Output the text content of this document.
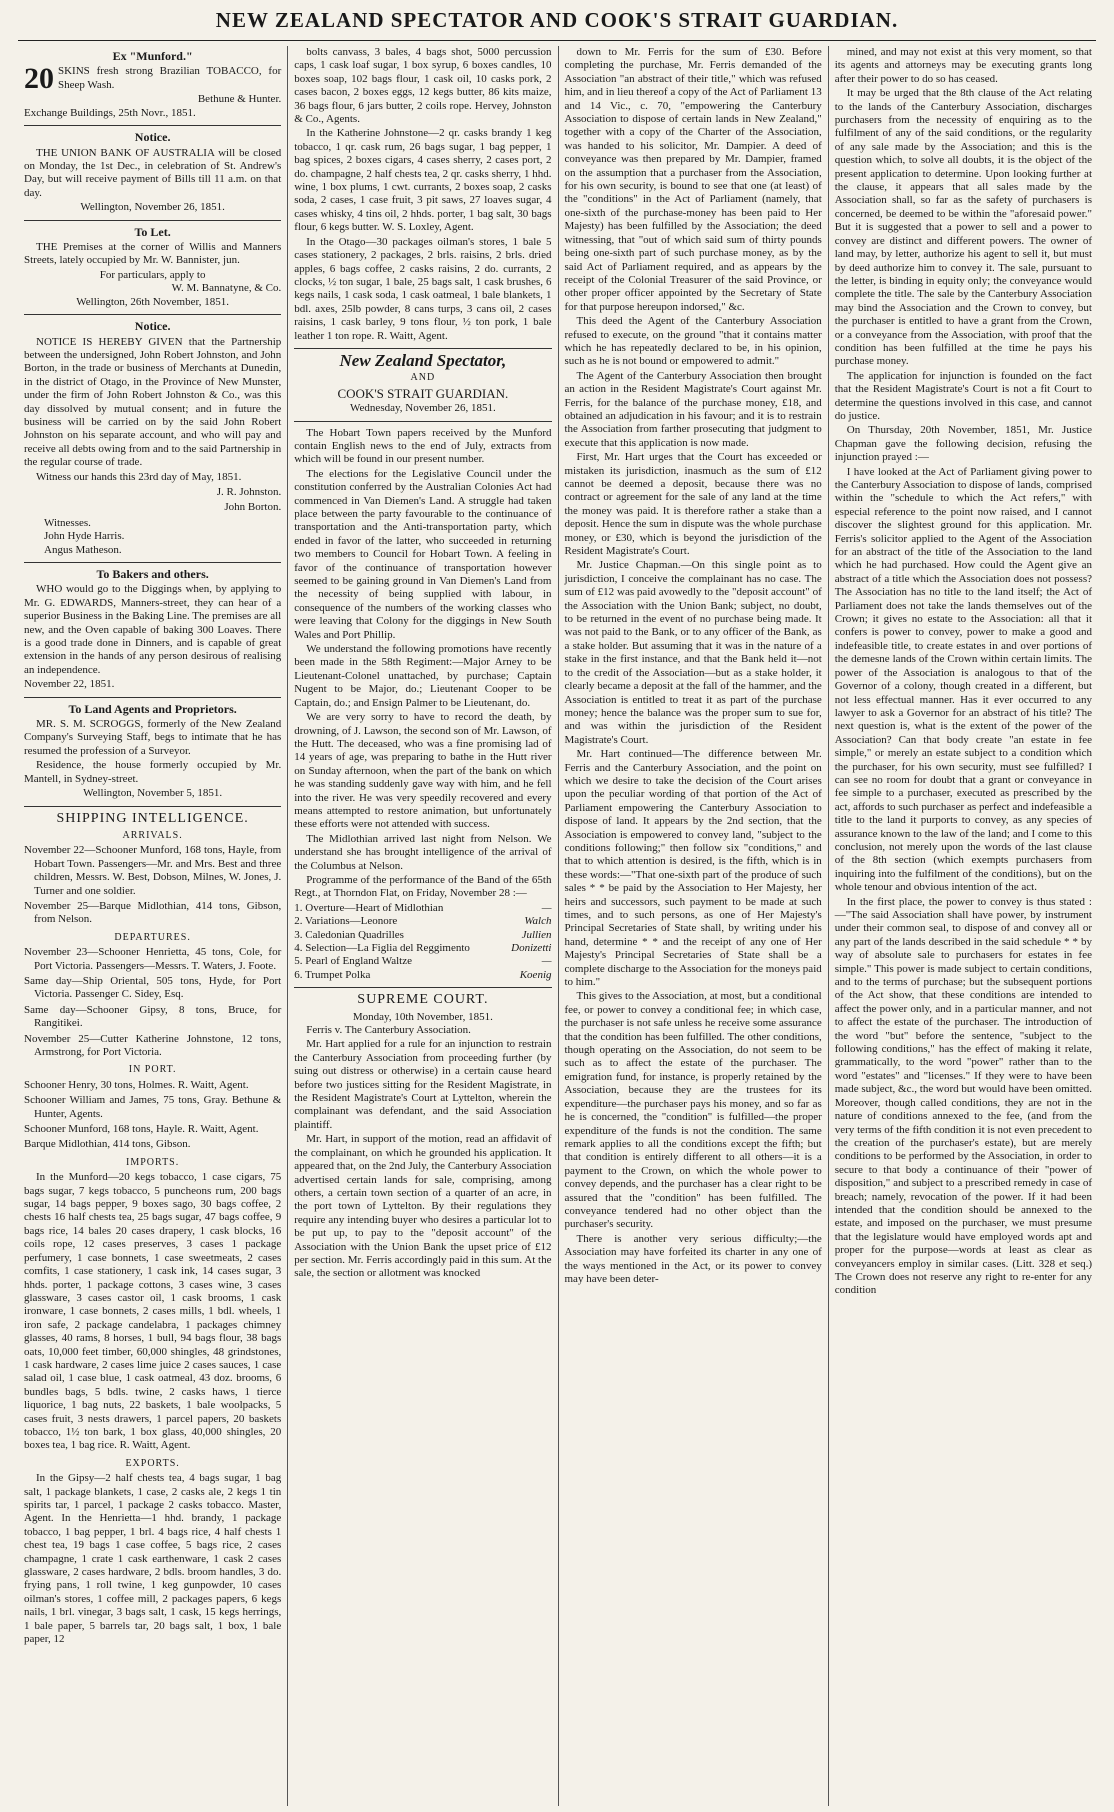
NEW ZEALAND SPECTATOR AND COOK'S STRAIT GUARDIAN.
Ex "Munford."
20 SKINS fresh strong Brazilian TOBACCO, for Sheep Wash.
Bethune & Hunter.
Exchange Buildings, 25th Novr., 1851.
Notice.

THE UNION BANK OF AUSTRALIA will be closed on Monday, the 1st Dec., in celebration of St. Andrew's Day, but will receive payment of Bills till 11 a.m. on that day.

Wellington, November 26, 1851.
To Let.

THE Premises at the corner of Willis and Manners Streets, lately occupied by Mr. W. Bannister, jun.

For particulars, apply to
W. M. Bannatyne, & Co.
Wellington, 26th November, 1851.
Notice.

NOTICE IS HEREBY GIVEN that the Partnership between the undersigned, John Robert Johnston, and John Borton, in the trade or business of Merchants at Dunedin, in the district of Otago, in the Province of New Munster, under the firm of John Robert Johnston & Co., was this day dissolved by mutual consent; and in future the business will be carried on by the said John Robert Johnston on his separate account, and who will pay and receive all debts owing from and to the said Partnership in the regular course of trade.

Witness our hands this 23rd day of May, 1851.

J. R. Johnston.
John Borton.
Witnesses.
John Hyde Harris.
Angus Matheson.
To Bakers and others.

WHO would go to the Diggings when, by applying to Mr. G. EDWARDS, Manners-street, they can hear of a superior Business in the Baking Line. The premises are all new, and the Oven capable of baking 300 Loaves. There is a good trade done in Dinners, and is capable of great extension in the hands of any person desirous of realising an independence.

November 22, 1851.
To Land Agents and Proprietors.

MR. S. M. SCROGGS, formerly of the New Zealand Company's Surveying Staff, begs to intimate that he has resumed the profession of a Surveyor.

Residence, the house formerly occupied by Mr. Mantell, in Sydney-street.

Wellington, November 5, 1851.
SHIPPING INTELLIGENCE.
ARRIVALS.
November 22—Schooner Munford, 168 tons, Hayle, from Hobart Town. Passengers—Mr. and Mrs. Best and three children, Messrs. W. Best, Dobson, Milnes, W. Jones, J. Turner and one soldier.
November 25—Barque Midlothian, 414 tons, Gibson, from Nelson.
DEPARTURES.
November 23—Schooner Henrietta, 45 tons, Cole, for Port Victoria. Passengers—Messrs. T. Waters, J. Foote.
Same day—Ship Oriental, 505 tons, Hyde, for Port Victoria. Passenger C. Sidey, Esq.
Same day—Schooner Gipsy, 8 tons, Bruce, for Rangitikei.
November 25—Cutter Katherine Johnstone, 12 tons, Armstrong, for Port Victoria.
IN PORT.
Schooner Henry, 30 tons, Holmes. R. Waitt, Agent.
Schooner William and James, 75 tons, Gray. Bethune & Hunter, Agents.
Schooner Munford, 168 tons, Hayle. R. Waitt, Agent.
Barque Midlothian, 414 tons, Gibson.
IMPORTS.

In the Munford—20 kegs tobacco, 1 case cigars, 75 bags sugar, 7 kegs tobacco, 5 puncheons rum, 200 bags sugar, 14 bags pepper, 9 boxes sago, 30 bags coffee, 2 chests 16 half chests tea, 25 bags sugar, 47 bags coffee, 9 bags rice, 14 bales 20 cases drapery, 1 cask blocks, 16 coils rope, 12 cases preserves, 3 cases 1 package perfumery, 1 case bonnets, 1 case sweetmeats, 2 cases comfits, 1 case stationery, 1 cask ink, 14 cases sugar, 3 hhds. porter, 1 package cottons, 3 cases wine, 3 cases glassware, 3 cases castor oil, 1 cask brooms, 1 cask ironware, 1 case bonnets, 2 cases mills, 1 bdl. wheels, 1 iron safe, 2 package candelabra, 1 packages chimney glasses, 40 rams, 8 horses, 1 bull, 94 bags flour, 38 bags oats, 10,000 feet timber, 60,000 shingles, 48 grindstones, 1 cask hardware, 2 cases lime juice 2 cases sauces, 1 case salad oil, 1 case blue, 1 cask oatmeal, 43 doz. brooms, 6 bundles bags, 5 bdls. twine, 2 casks haws, 1 tierce liquorice, 1 bag nuts, 22 baskets, 1 bale woolpacks, 5 cases fruit, 3 nests drawers, 1 parcel papers, 20 baskets tobacco, 1½ ton bark, 1 box glass, 40,000 shingles, 20 boxes tea, 1 bag rice. R. Waitt, Agent.

EXPORTS.

In the Gipsy—2 half chests tea, 4 bags sugar, 1 bag salt, 1 package blankets, 1 case, 2 casks ale, 2 kegs 1 tin spirits tar, 1 parcel, 1 package 2 casks tobacco. Master, Agent. In the Henrietta—1 hhd. brandy, 1 package tobacco, 1 bag pepper, 1 brl. 4 bags rice, 4 half chests 1 chest tea, 19 bags 1 case coffee, 5 bags rice, 2 cases champagne, 1 crate 1 cask earthenware, 1 cask 2 cases glassware, 2 cases hardware, 2 bdls. broom handles, 3 do. frying pans, 1 roll twine, 1 keg gunpowder, 10 cases oilman's stores, 1 coffee mill, 2 packages papers, 6 kegs nails, 1 brl. vinegar, 3 bags salt, 1 cask, 15 kegs herrings, 1 bale paper, 5 barrels tar, 20 bags salt, 1 box, 1 bale paper, 12

bolts canvass, 3 bales, 4 bags shot, 5000 percussion caps, 1 cask loaf sugar, 1 box syrup, 6 boxes candles, 10 boxes soap, 102 bags flour, 1 cask oil, 10 casks pork, 2 cases bacon, 2 boxes eggs, 12 kegs butter, 86 kits maize, 36 bags flour, 6 jars butter, 2 coils rope. Hervey, Johnston & Co., Agents.

In the Katherine Johnstone—2 qr. casks brandy 1 keg tobacco, 1 qr. cask rum, 26 bags sugar, 1 bag pepper, 1 bag spices, 2 boxes cigars, 4 cases sherry, 2 cases port, 2 do. champagne, 2 half chests tea, 2 qr. casks sherry, 1 hhd. wine, 1 box plums, 1 cwt. currants, 2 boxes soap, 2 casks soda, 2 cases, 1 case fruit, 3 pit saws, 27 loaves sugar, 4 cases whisky, 4 tins oil, 2 hhds. porter, 1 bag salt, 30 bags flour, 6 kegs butter. W. S. Loxley, Agent.

In the Otago—30 packages oilman's stores, 1 bale 5 cases stationery, 2 packages, 2 brls. raisins, 2 brls. dried apples, 6 bags coffee, 2 casks raisins, 2 do. currants, 2 clocks, ½ ton sugar, 1 bale, 25 bags salt, 1 cask brushes, 6 kegs nails, 1 cask soda, 1 cask oatmeal, 1 bale blankets, 1 bdl. axes, 25lb powder, 8 cans turps, 3 cans oil, 2 cases raisins, 1 cask barley, 9 tons flour, ½ ton pork, 1 bale leather 1 ton rope. R. Waitt, Agent.

New Zealand Spectator,
AND
COOK'S STRAIT GUARDIAN.
Wednesday, November 26, 1851.

The Hobart Town papers received by the Munford contain English news to the end of July, extracts from which will be found in our present number.

The elections for the Legislative Council under the constitution conferred by the Australian Colonies Act had commenced in Van Diemen's Land. A struggle had taken place between the party favourable to the continuance of transportation and the Anti-transportation party, which ended in favor of the latter, who succeeded in returning two members to Council for Hobart Town. A feeling in favor of the continuance of transportation however seemed to be gaining ground in Van Diemen's Land from the necessity of being supplied with labour, in consequence of the numbers of the working classes who were leaving that Colony for the diggings in New South Wales and Port Phillip.

We understand the following promotions have recently been made in the 58th Regiment:—Major Arney to be Lieutenant-Colonel unattached, by purchase; Captain Nugent to be Major, do.; Lieutenant Cooper to be Captain, do.; and Ensign Palmer to be Lieutenant, do.

We are very sorry to have to record the death, by drowning, of J. Lawson, the second son of Mr. Lawson, of the Hutt. The deceased, who was a fine promising lad of 14 years of age, was preparing to bathe in the Hutt river on Sunday afternoon, when the part of the bank on which he was standing suddenly gave way with him, and he fell into the river. He was very speedily recovered and every means attempted to restore animation, but unfortunately these efforts were not attended with success.

The Midlothian arrived last night from Nelson. We understand she has brought intelligence of the arrival of the Columbus at Nelson.

Programme of the performance of the Band of the 65th Regt., at Thorndon Flat, on Friday, November 28 :—

1. Overture—Heart of Midlothian	—
2. Variations—Leonore	Walch
3. Caledonian Quadrilles	Jullien
4. Selection—La Figlia del Reggimento	Donizetti
5. Pearl of England Waltze	—
6. Trumpet Polka	Koenig
SUPREME COURT.
Monday, 10th November, 1851.

Ferris v. The Canterbury Association.

Mr. Hart applied for a rule for an injunction to restrain the Canterbury Association from proceeding further (by suing out distress or otherwise) in a certain cause heard before two justices sitting for the Resident Magistrate, in the Resident Magistrate's Court at Lyttelton, wherein the complainant was defendant, and the said Association plaintiff.

Mr. Hart, in support of the motion, read an affidavit of the complainant, on which he grounded his application. It appeared that, on the 2nd July, the Canterbury Association advertised certain lands for sale, comprising, among others, a certain town section of a quarter of an acre, in the port town of Lyttelton. By their regulations they require any intending buyer who desires a particular lot to be put up, to pay to the "deposit account" of the Association with the Union Bank the upset price of £12 per section. Mr. Ferris accordingly paid in this sum. At the sale, the section or allotment was knocked

down to Mr. Ferris for the sum of £30. Before completing the purchase, Mr. Ferris demanded of the Association "an abstract of their title," which was refused him, and in lieu thereof a copy of the Act of Parliament 13 and 14 Vic., c. 70, "empowering the Canterbury Association to dispose of certain lands in New Zealand," together with a copy of the Charter of the Association, was handed to his solicitor, Mr. Dampier. A deed of conveyance was then prepared by Mr. Dampier, framed on the assumption that a purchaser from the Association, for his own security, is bound to see that one (at least) of the "conditions" in the Act of Parliament (namely, that one-sixth of the purchase-money has been paid to Her Majesty) has been fulfilled by the Association; the deed witnessing, that "out of which said sum of thirty pounds being one-sixth part of such purchase money, as by the said Act of Parliament required, and as appears by the receipt of the Colonial Treasurer of the said Province, or other proper officer appointed by the Secretary of State for that purpose hereupon indorsed," &c.

This deed the Agent of the Canterbury Association refused to execute, on the ground "that it contains matter which he has repeatedly declared to be, in his opinion, such as he is not bound or empowered to admit."

The Agent of the Canterbury Association then brought an action in the Resident Magistrate's Court against Mr. Ferris, for the balance of the purchase money, £18, and obtained an adjudication in his favour; and it is to restrain the Association from farther prosecuting that judgment to execute that this application is now made.

First, Mr. Hart urges that the Court has exceeded or mistaken its jurisdiction, inasmuch as the sum of £12 cannot be deemed a deposit, because there was no contract or agreement for the sale of any land at the time the money was paid. It is therefore rather a stake than a deposit. Hence the sum in dispute was the whole purchase money, or £30, which is beyond the jurisdiction of the Resident Magistrate's Court.

Mr. Justice Chapman.—On this single point as to jurisdiction, I conceive the complainant has no case. The sum of £12 was paid avowedly to the "deposit account" of the Association with the Union Bank; subject, no doubt, to be returned in the event of no purchase being made. It was not paid to the Bank, or to any officer of the Bank, as a stake holder. But assuming that it was in the nature of a stake in the first instance, and that the Bank held it—not to the credit of the Association—but as a stake holder, it clearly became a deposit at the fall of the hammer, and the Association is entitled to treat it as part of the purchase money; hence the balance was the proper sum to sue for, and was within the jurisdiction of the Resident Magistrate's Court.

Mr. Hart continued—The difference between Mr. Ferris and the Canterbury Association, and the point on which we desire to take the decision of the Court arises upon the peculiar wording of that portion of the Act of Parliament empowering the Canterbury Association to dispose of land. It appears by the 2nd section, that the Association is empowered to convey land, "subject to the conditions following;" then follow six "conditions," and that to which attention is desired, is the fifth, which is in these words:—"That one-sixth part of the produce of such sales * * be paid by the Association to Her Majesty, her heirs and successors, such payment to be made at such times, and to such persons, as one of Her Majesty's Principal Secretaries of State shall, by writing under his hand, determine * * and the receipt of any one of Her Majesty's Principal Secretaries of State shall be a complete discharge to the Association for the moneys paid to him."

This gives to the Association, at most, but a conditional fee, or power to convey a conditional fee; in which case, the purchaser is not safe unless he receive some assurance that the condition has been fulfilled. The other conditions, though operating on the Association, do not seem to be such as to affect the estate of the purchaser. The emigration fund, for instance, is properly retained by the Association, because they are the trustees for its expenditure—the purchaser pays his money, and so far as he is concerned, the "condition" is fulfilled—the proper expenditure of the funds is not the condition. The same remark applies to all the conditions except the fifth; but that condition is entirely different to all others—it is a payment to the Crown, on which the whole power to convey depends, and the purchaser has a clear right to be assured that the "condition" has been fulfilled. The conveyance tendered had no other object than the purchaser's security.

There is another very serious difficulty;—the Association may have forfeited its charter in any one of the ways mentioned in the Act, or its power to convey may have been deter-

mined, and may not exist at this very moment, so that its agents and attorneys may be executing grants long after their power to do so has ceased.

It may be urged that the 8th clause of the Act relating to the lands of the Canterbury Association, discharges purchasers from the necessity of enquiring as to the fulfilment of any of the said conditions, or the regularity of any sale made by the Association; and this is the question which, to solve all doubts, it is the object of the present application to determine. Upon looking further at the clause, it appears that all sales made by the Association shall, so far as the safety of purchasers is concerned, be deemed to be within the "aforesaid power." But it is suggested that a power to sell and a power to convey are distinct and different powers. The owner of land may, by letter, authorize his agent to sell it, but must by deed authorize him to convey it. The sale, pursuant to the letter, is binding in equity only; the conveyance would complete the title. The sale by the Canterbury Association may bind the Association and the Crown to convey, but the purchaser is entitled to have a grant from the Crown, or a conveyance from the Association, with proof that the condition has been fulfilled at the time he pays his purchase money.

The application for injunction is founded on the fact that the Resident Magistrate's Court is not a fit Court to determine the questions involved in this case, and cannot do justice.

On Thursday, 20th November, 1851, Mr. Justice Chapman gave the following decision, refusing the injunction prayed :—

I have looked at the Act of Parliament giving power to the Canterbury Association to dispose of lands, comprised within the "schedule to which the Act refers," with especial reference to the point now raised, and I cannot discover the slightest ground for this application. Mr. Ferris's solicitor applied to the Agent of the Association for an abstract of the title of the Association to the land which he had purchased. How could the Agent give an abstract of a title which the Association does not possess? The Association has no title to the land itself; the Act of Parliament does not take the lands themselves out of the Crown; it gives no estate to the Association: all that it confers is power to convey, power to make a good and indefeasible title, to create estates in and over portions of the demesne lands of the Crown within certain limits. The power of the Association is analogous to that of the Governor of a colony, though created in a different, but not less effectual manner. Has it ever occurred to any lawyer to ask a Governor for an abstract of his title? The next question is, what is the extent of the power of the Association? Can that body create "an estate in fee simple," or merely an estate subject to a condition which the purchaser, for his own security, must see fulfilled? I can see no room for doubt that a grant or conveyance in fee simple to a purchaser, executed as prescribed by the act, affords to such purchaser as perfect and indefeasible a title to the land it purports to convey, as any species of assurance known to the law of the land; and I come to this conclusion, not merely upon the words of the last clause of the 8th section (which exempts purchasers from inquiring into the fulfilment of the conditions), but on the whole tenour and obvious intention of the act.

In the first place, the power to convey is thus stated :—"The said Association shall have power, by instrument under their common seal, to dispose of and convey all or any part of the lands described in the said schedule * * by way of absolute sale to purchasers for estates in fee simple." This power is made subject to certain conditions, and to the terms of purchase; but the subsequent portions of the Act show, that these conditions are intended to affect the power only, and in a particular manner, and not to affect the estate of the purchaser. The introduction of the word "but" before the sentence, "subject to the following conditions," has the effect of making it relate, grammatically, to the word "power" rather than to the word "estates" and "licenses." If they were to have been made subject, &c., the word but would have been omitted. Moreover, though called conditions, they are not in the nature of conditions annexed to the fee, (and from the very terms of the fifth condition it is not even precedent to the creation of the purchaser's estate), but are merely conditions to be performed by the Association, in order to secure to that body a continuance of their "power of disposition," and subject to a prescribed remedy in case of breach; namely, revocation of the power. If it had been intended that the condition should be annexed to the estate, and imposed on the purchaser, we must presume that the legislature would have employed words apt and proper for the purpose—words at least as clear as conveyancers employ in similar cases. (Litt. 328 et seq.) The Crown does not reserve any right to re-enter for any condition
